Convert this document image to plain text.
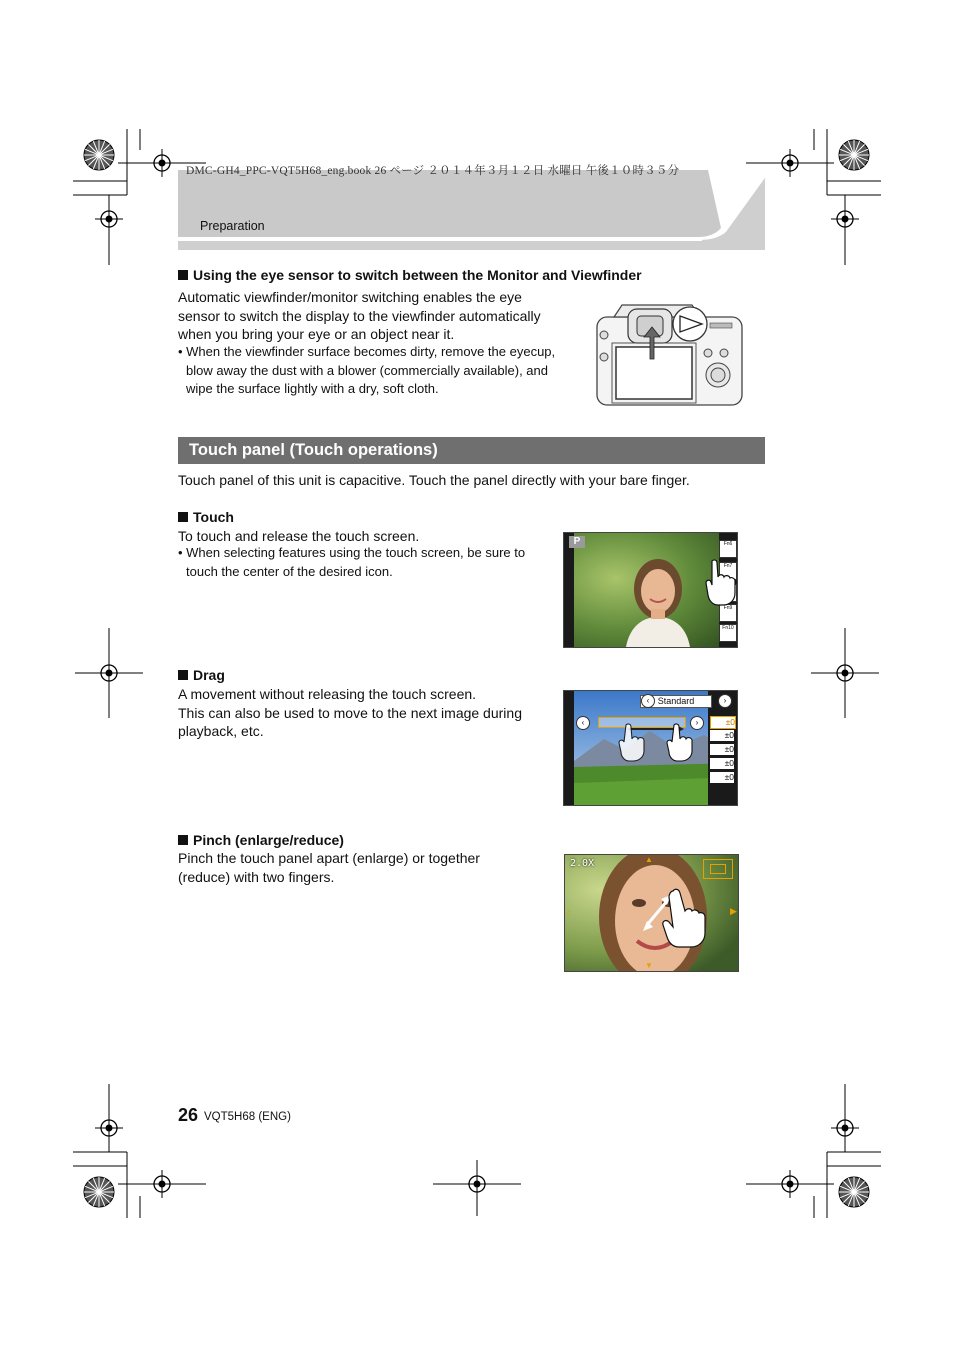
DMC-GH4_PPC-VQT5H68_eng.book 26 ページ ２０１４年３月１２日 水曜日 午後１０時３５分
Preparation
Using the eye sensor to switch between the Monitor and Viewfinder
Automatic viewfinder/monitor switching enables the eye
sensor to switch the display to the viewfinder automatically
when you bring your eye or an object near it.
• When the viewfinder surface becomes dirty, remove the eyecup,
blow away the dust with a blower (commercially available), and
wipe the surface lightly with a dry, soft cloth.
Touch panel (Touch operations)
Touch panel of this unit is capacitive. Touch the panel directly with your bare finger.
Touch
To touch and release the touch screen.
• When selecting features using the touch screen, be sure to
touch the center of the desired icon.
P	Fn6
Fn7
Fn9
Fn10
Drag
A movement without releasing the touch screen.
This can also be used to move to the next image during
playback, etc.
Standard
‹	›
‹	›	±0
±0
±0
±0
±0
Pinch (enlarge/reduce)
Pinch the touch panel apart (enlarge) or together
(reduce) with two fingers.
2.0X	▲
▼
‹	▶
26 VQT5H68 (ENG)
